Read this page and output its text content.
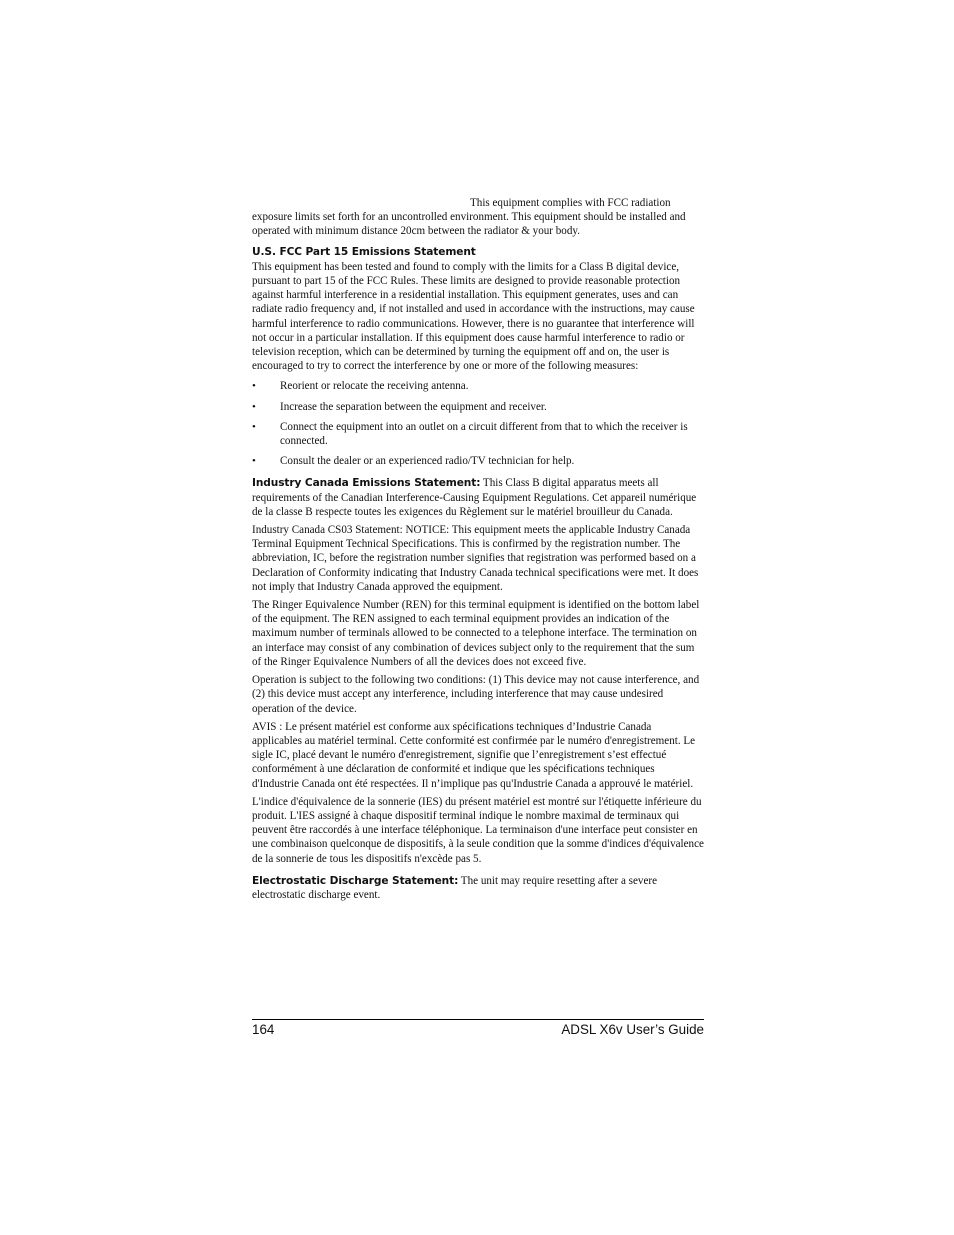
This equipment complies with FCC radiation exposure limits set forth for an uncontrolled environment. This equipment should be installed and operated with minimum distance 20cm between the radiator & your body.

U.S. FCC Part 15 Emissions Statement

This equipment has been tested and found to comply with the limits for a Class B digital device, pursuant to part 15 of the FCC Rules. These limits are designed to provide reasonable protection against harmful interference in a residential installation. This equipment generates, uses and can radiate radio frequency and, if not installed and used in accordance with the instructions, may cause harmful interference to radio communications. However, there is no guarantee that interference will not occur in a particular installation. If this equipment does cause harmful interference to radio or television reception, which can be determined by turning the equipment off and on, the user is encouraged to try to correct the interference by one or more of the following measures:

• Reorient or relocate the receiving antenna.
• Increase the separation between the equipment and receiver.
• Connect the equipment into an outlet on a circuit different from that to which the receiver is connected.
• Consult the dealer or an experienced radio/TV technician for help.

Industry Canada Emissions Statement: This Class B digital apparatus meets all requirements of the Canadian Interference-Causing Equipment Regulations. Cet appareil numérique de la classe B respecte toutes les exigences du Règlement sur le matériel brouilleur du Canada.

Industry Canada CS03 Statement: NOTICE: This equipment meets the applicable Industry Canada Terminal Equipment Technical Specifications. This is confirmed by the registration number. The abbreviation, IC, before the registration number signifies that registration was performed based on a Declaration of Conformity indicating that Industry Canada technical specifications were met. It does not imply that Industry Canada approved the equipment.

The Ringer Equivalence Number (REN) for this terminal equipment is identified on the bottom label of the equipment. The REN assigned to each terminal equipment provides an indication of the maximum number of terminals allowed to be connected to a telephone interface. The termination on an interface may consist of any combination of devices subject only to the requirement that the sum of the Ringer Equivalence Numbers of all the devices does not exceed five.

Operation is subject to the following two conditions: (1) This device may not cause interference, and (2) this device must accept any interference, including interference that may cause undesired operation of the device.

AVIS : Le présent matériel est conforme aux spécifications techniques d’Industrie Canada applicables au matériel terminal. Cette conformité est confirmée par le numéro d'enregistrement. Le sigle IC, placé devant le numéro d'enregistrement, signifie que l’enregistrement s’est effectué conformément à une déclaration de conformité et indique que les spécifications techniques d'Industrie Canada ont été respectées. Il n’implique pas qu'Industrie Canada a approuvé le matériel.

L'indice d'équivalence de la sonnerie (IES) du présent matériel est montré sur l'étiquette inférieure du produit. L'IES assigné à chaque dispositif terminal indique le nombre maximal de terminaux qui peuvent être raccordés à une interface téléphonique. La terminaison d'une interface peut consister en une combinaison quelconque de dispositifs, à la seule condition que la somme d'indices d'équivalence de la sonnerie de tous les dispositifs n'excède pas 5.

Electrostatic Discharge Statement: The unit may require resetting after a severe electrostatic discharge event.

164	ADSL X6v User’s Guide
